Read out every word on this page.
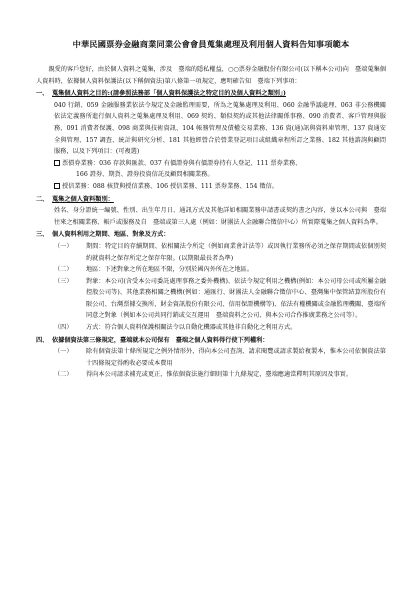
中華民國票券金融商業同業公會會員蒐集處理及利用個人資料告知事項範本

親愛的客戶您好，由於個人資料之蒐集，涉及　臺端的隱私權益，○○票券金融股份有限公司(以下稱本公司)向　臺端蒐集個人資料時，依據個人資料保護法(以下稱個資法)第八條第一項規定，應明確告知　臺端下列事項：

一、 蒐集個人資料之目的:(請參照法務部「個人資料保護法之特定目的及個人資料之類別」)

040 行銷、059 金融服務業依法令規定及金融監理需要，所為之蒐集處理及利用、060 金融爭議處理、063 非公務機關依法定義務所進行個人資料之蒐集處理及利用、069 契約、類似契約或其他法律關係事務、090 消費者、客戶管理與服務、091 消費者保護、098 商業與技術資訊、104 帳務管理及債權交易業務、136 資(通)訊與資料庫管理、137 資通安全與管理、157 調查、統計與研究分析、181 其他經營合於營業登記項目或組織章程所訂之業務、182 其他諮詢與顧問服務，以及下列項目：(可複選)

票債券業務：036 存款與匯款、037 有價證券與有價證券持有人登記、111 票券業務、

166 證券、期貨、證券投資信託及顧問相關業務。

授信業務：088 核貸與授信業務、106 授信業務、111 票券業務、154 徵信。
二、 蒐集之個人資料類別：

姓名、身分證統一編號、性別、出生年月日、通訊方式及其他詳如相關業務申請書或契約書之內容，並以本公司與　臺端往來之相關業務、帳戶或服務及自　臺端或第三人處（例如：財團法人金融聯合徵信中心）所實際蒐集之個人資料為準。

三、 個人資料利用之期間、地區、對象及方式：
（一）	期間：特定目的存續期間、依相關法令所定（例如商業會計法等）或因執行業務所必須之保存期間或依個別契約就資料之保存所定之保存年限。(以期限最長者為準)
（二）	地區：下述對象之所在地區不限，分別於國內外所在之地區。
（三）	對象：本公司(含受本公司委託處理事務之委外機構)、依法令規定利用之機構(例如：本公司母公司或所屬金融控股公司等)、其他業務相關之機構(例如：通匯行、財團法人金融聯合徵信中心、臺灣集中保管結算所股份有限公司、台灣票據交換所、財金資訊股份有限公司、信用保證機構等)、依法有權機關或金融監理機關、臺端所同意之對象（例如本公司共同行銷或交互運用　臺端資料之公司、與本公司合作推廣業務之公司等）。
（四）	方式：符合個人資料保護相關法令以自動化機器或其他非自動化之利用方式。
四、 依據個資法第三條規定，臺端就本公司保有　臺端之個人資料得行使下列權利：
（一）	除有個資法第十條所規定之例外情形外，得向本公司查詢、請求閱覽或請求製給複製本，惟本公司依個資法第十四條規定得酌收必要成本費用
（二）	得向本公司請求補充或更正，惟依個資法施行細則第十九條規定，臺端應適當釋明其原因及事實。
